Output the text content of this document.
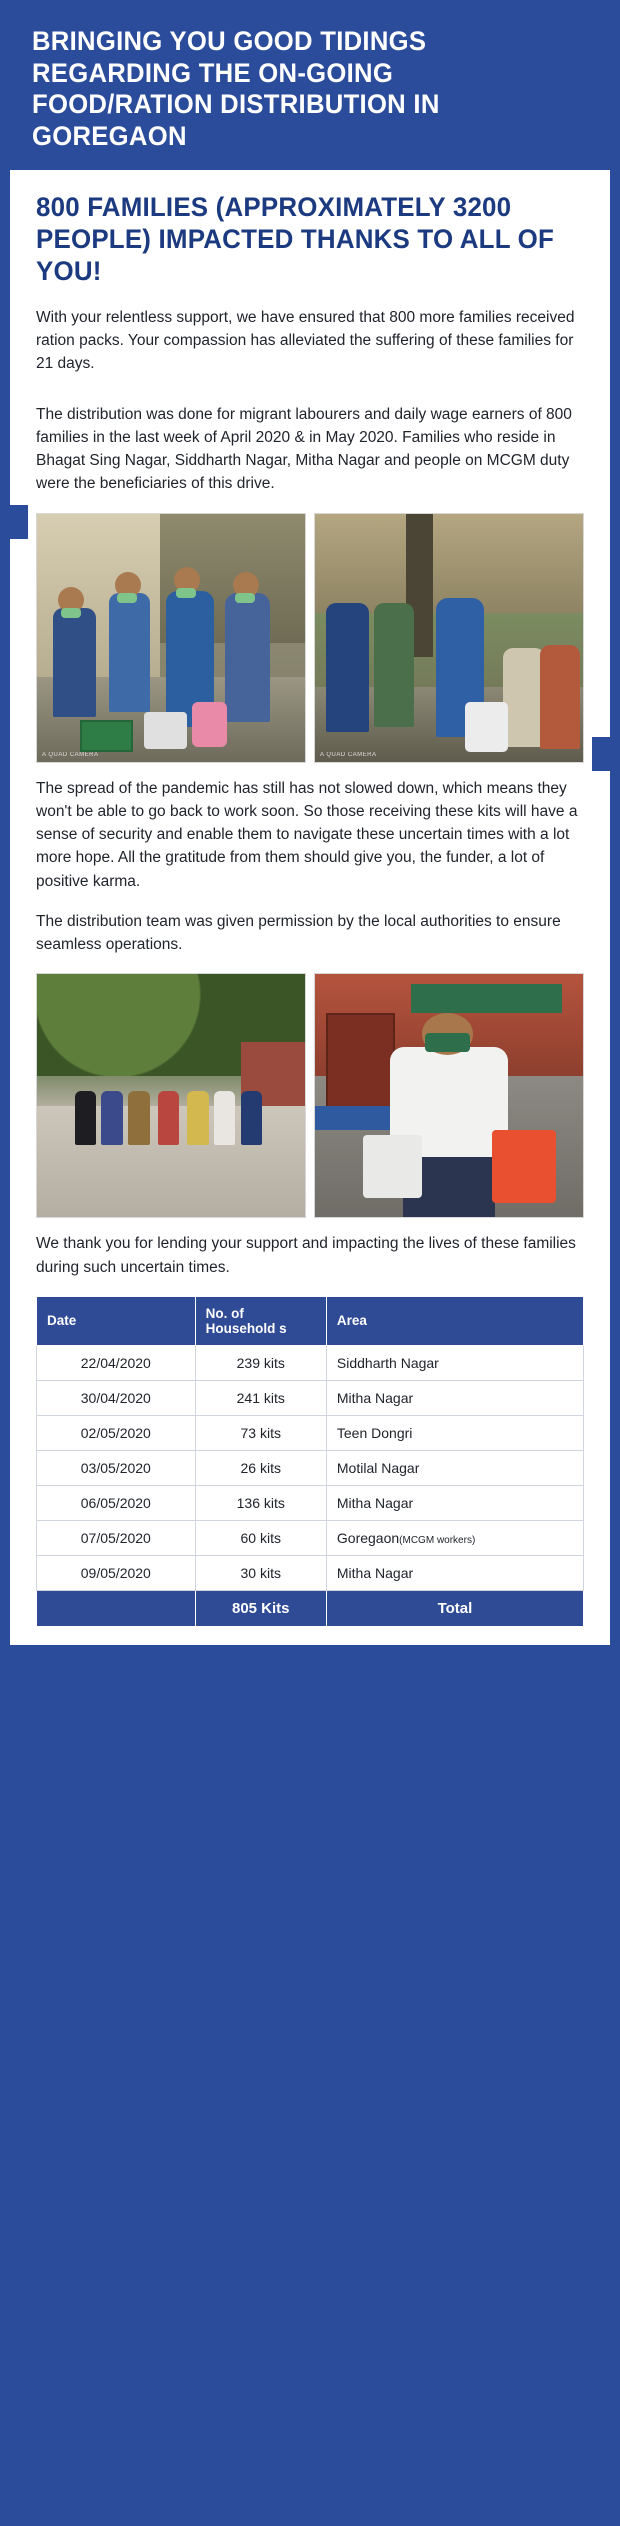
BRINGING YOU GOOD TIDINGS REGARDING THE ON-GOING FOOD/RATION DISTRIBUTION IN GOREGAON
800 FAMILIES (APPROXIMATELY 3200 PEOPLE) IMPACTED THANKS TO ALL OF YOU!

With your relentless support, we have ensured that 800 more families received ration packs. Your compassion has alleviated the suffering of these families for 21 days.

The distribution was done for migrant labourers and daily wage earners of 800 families in the last week of April 2020 & in May 2020. Families who reside in Bhagat Sing Nagar, Siddharth Nagar, Mitha Nagar and people on MCGM duty were the beneficiaries of this drive.

A QUAD CAMERA	A QUAD CAMERA

The spread of the pandemic has still has not slowed down, which means they won't be able to go back to work soon. So those receiving these kits will have a sense of security and enable them to navigate these uncertain times with a lot more hope. All the gratitude from them should give you, the funder, a lot of positive karma.

The distribution team was given permission by the local authorities to ensure seamless operations.

We thank you for lending your support and impacting the lives of these families during such uncertain times.

Date	No. of Household s	Area
22/04/2020	239 kits	Siddharth Nagar
30/04/2020	241 kits	Mitha Nagar
02/05/2020	73 kits	Teen Dongri
03/05/2020	26 kits	Motilal Nagar
06/05/2020	136 kits	Mitha Nagar
07/05/2020	60 kits	Goregaon(MCGM workers)
09/05/2020	30 kits	Mitha Nagar
	805 Kits	Total
